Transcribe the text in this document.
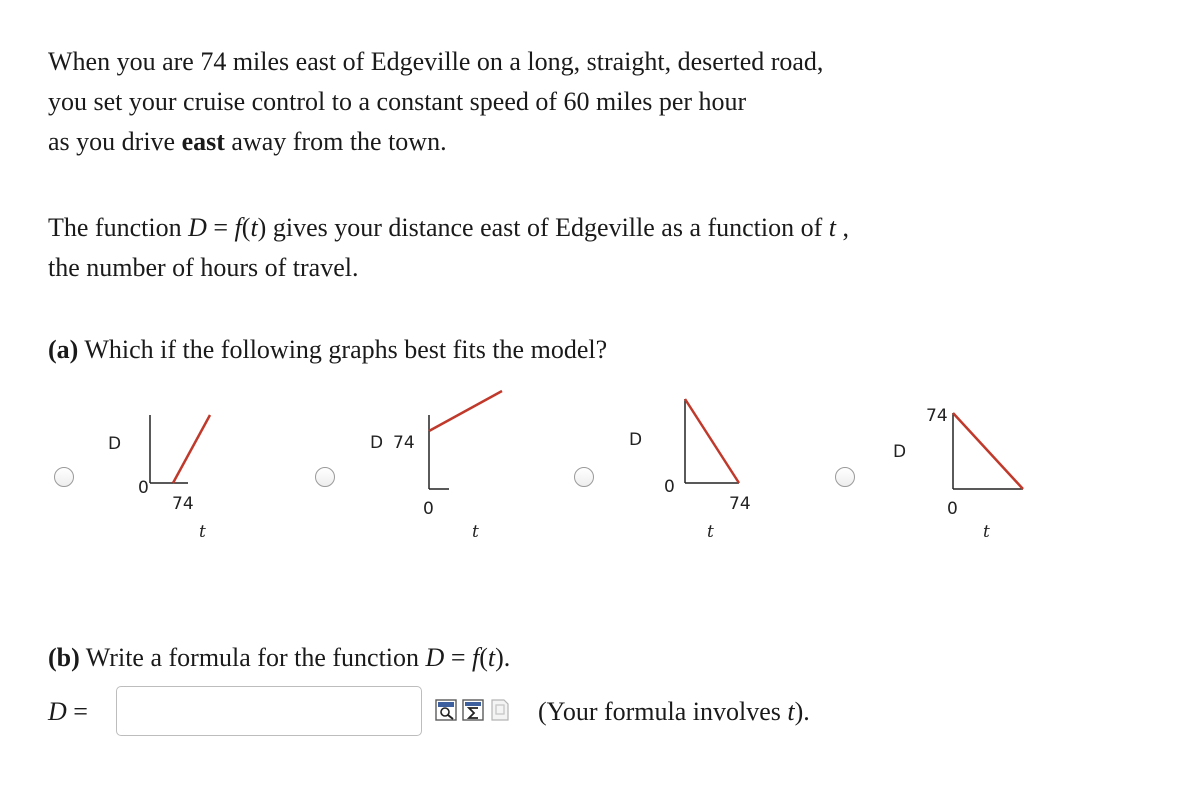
When you are 74 miles east of Edgeville on a long, straight, deserted road,
you set your cruise control to a constant speed of 60 miles per hour
as you drive east away from the town.

The function D = f(t) gives your distance east of Edgeville as a function of t ,
the number of hours of travel.

(a) Which if the following graphs best fits the model?

D
0
74
t
D 74
0
t
D
0
74
t
74
D
0
t

(b) Write a formula for the function D = f(t).

D =	(Your formula involves t).
